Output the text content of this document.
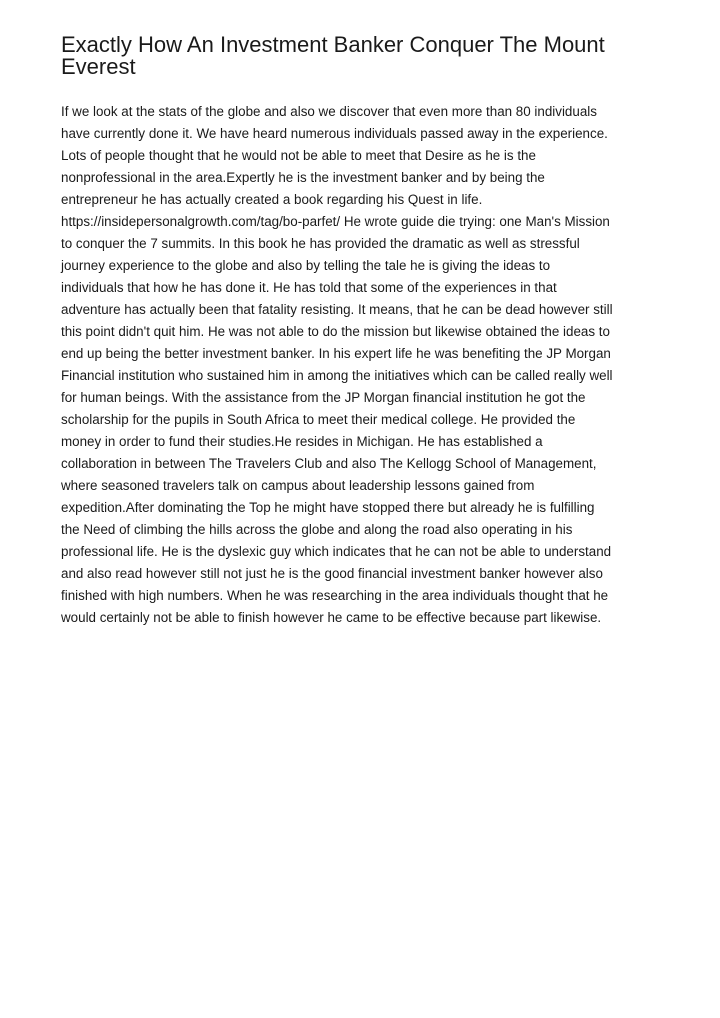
Exactly How An Investment Banker Conquer The Mount Everest
If we look at the stats of the globe and also we discover that even more than 80 individuals
have currently done it. We have heard numerous individuals passed away in the experience.
Lots of people thought that he would not be able to meet that Desire as he is the
nonprofessional in the area.Expertly he is the investment banker and by being the
entrepreneur he has actually created a book regarding his Quest in life.
https://insidepersonalgrowth.com/tag/bo-parfet/ He wrote guide die trying: one Man's Mission
to conquer the 7 summits. In this book he has provided the dramatic as well as stressful
journey experience to the globe and also by telling the tale he is giving the ideas to
individuals that how he has done it. He has told that some of the experiences in that
adventure has actually been that fatality resisting. It means, that he can be dead however still
this point didn't quit him. He was not able to do the mission but likewise obtained the ideas to
end up being the better investment banker. In his expert life he was benefiting the JP Morgan
Financial institution who sustained him in among the initiatives which can be called really well
for human beings. With the assistance from the JP Morgan financial institution he got the
scholarship for the pupils in South Africa to meet their medical college. He provided the
money in order to fund their studies.He resides in Michigan. He has established a
collaboration in between The Travelers Club and also The Kellogg School of Management,
where seasoned travelers talk on campus about leadership lessons gained from
expedition.After dominating the Top he might have stopped there but already he is fulfilling
the Need of climbing the hills across the globe and along the road also operating in his
professional life. He is the dyslexic guy which indicates that he can not be able to understand
and also read however still not just he is the good financial investment banker however also
finished with high numbers. When he was researching in the area individuals thought that he
would certainly not be able to finish however he came to be effective because part likewise.
